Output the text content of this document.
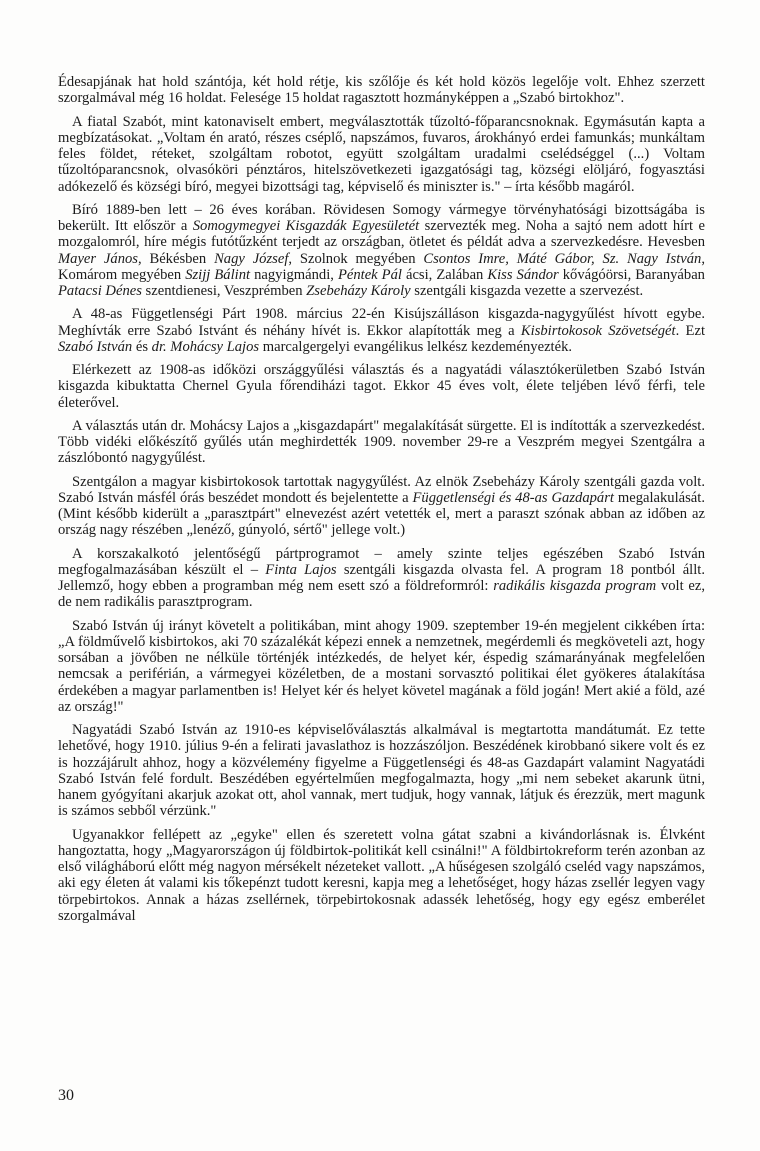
Édesapjának hat hold szántója, két hold rétje, kis szőlője és két hold közös legelője volt. Ehhez szerzett szorgalmával még 16 holdat. Felesége 15 holdat ragasztott hozmányképpen a „Szabó birtokhoz".

A fiatal Szabót, mint katonaviselt embert, megválasztották tűzoltó-főparancsnoknak. Egymásután kapta a megbízatásokat. „Voltam én arató, részes cséplő, napszámos, fuvaros, árokhányó erdei famunkás; munkáltam feles földet, réteket, szolgáltam robotot, együtt szolgáltam uradalmi cselédséggel (...) Voltam tűzoltóparancsnok, olvasóköri pénztáros, hitelszövetkezeti igazgatósági tag, községi elöljáró, fogyasztási adókezelő és községi bíró, megyei bizottsági tag, képviselő és miniszter is." – írta később magáról.

Bíró 1889-ben lett – 26 éves korában. Rövidesen Somogy vármegye törvényhatósági bizottságába is bekerült. Itt először a Somogymegyei Kisgazdák Egyesületét szervezték meg. Noha a sajtó nem adott hírt e mozgalomról, híre mégis futótűzként terjedt az országban, ötletet és példát adva a szervezkedésre. Hevesben Mayer János, Békésben Nagy József, Szolnok megyében Csontos Imre, Máté Gábor, Sz. Nagy István, Komárom megyében Szijj Bálint nagyigmándi, Péntek Pál ácsi, Zalában Kiss Sándor kővágóörsi, Baranyában Patacsi Dénes szentdienesi, Veszprémben Zsebeházy Károly szentgáli kisgazda vezette a szervezést.

A 48-as Függetlenségi Párt 1908. március 22-én Kisújszálláson kisgazda-nagygyűlést hívott egybe. Meghívták erre Szabó Istvánt és néhány hívét is. Ekkor alapították meg a Kisbirtokosok Szövetségét. Ezt Szabó István és dr. Mohácsy Lajos marcalgergelyi evangélikus lelkész kezdeményezték.

Elérkezett az 1908-as időközi országgyűlési választás és a nagyatádi választókerületben Szabó István kisgazda kibuktatta Chernel Gyula főrendiházi tagot. Ekkor 45 éves volt, élete teljében lévő férfi, tele életerővel.

A választás után dr. Mohácsy Lajos a „kisgazdapárt" megalakítását sürgette. El is indították a szervezkedést. Több vidéki előkészítő gyűlés után meghirdették 1909. november 29-re a Veszprém megyei Szentgálra a zászlóbontó nagygyűlést.

Szentgálon a magyar kisbirtokosok tartottak nagygyűlést. Az elnök Zsebeházy Károly szentgáli gazda volt. Szabó István másfél órás beszédet mondott és bejelentette a Függetlenségi és 48-as Gazdapárt megalakulását. (Mint később kiderült a „parasztpárt" elnevezést azért vetették el, mert a paraszt szónak abban az időben az ország nagy részében „lenéző, gúnyoló, sértő" jellege volt.)

A korszakalkotó jelentőségű pártprogramot – amely szinte teljes egészében Szabó István megfogalmazásában készült el – Finta Lajos szentgáli kisgazda olvasta fel. A program 18 pontból állt. Jellemző, hogy ebben a programban még nem esett szó a földreformról: radikális kisgazda program volt ez, de nem radikális parasztprogram.

Szabó István új irányt követelt a politikában, mint ahogy 1909. szeptember 19-én megjelent cikkében írta: „A földművelő kisbirtokos, aki 70 százalékát képezi ennek a nemzetnek, megérdemli és megköveteli azt, hogy sorsában a jövőben ne nélküle történjék intézkedés, de helyet kér, éspedig számarányának megfelelően nemcsak a periférián, a vármegyei közéletben, de a mostani sorvasztó politikai élet gyökeres átalakítása érdekében a magyar parlamentben is! Helyet kér és helyet követel magának a föld jogán! Mert akié a föld, azé az ország!"

Nagyatádi Szabó István az 1910-es képviselőválasztás alkalmával is megtartotta mandátumát. Ez tette lehetővé, hogy 1910. július 9-én a felirati javaslathoz is hozzászóljon. Beszédének kirobbanó sikere volt és ez is hozzájárult ahhoz, hogy a közvélemény figyelme a Függetlenségi és 48-as Gazdapárt valamint Nagyatádi Szabó István felé fordult. Beszédében egyértelműen megfogalmazta, hogy „mi nem sebeket akarunk ütni, hanem gyógyítani akarjuk azokat ott, ahol vannak, mert tudjuk, hogy vannak, látjuk és érezzük, mert magunk is számos sebből vérzünk."

Ugyanakkor fellépett az „egyke" ellen és szeretett volna gátat szabni a kivándorlásnak is. Élvként hangoztatta, hogy „Magyarországon új földbirtok-politikát kell csinálni!" A földbirtokreform terén azonban az első világháború előtt még nagyon mérsékelt nézeteket vallott. „A hűségesen szolgáló cseléd vagy napszámos, aki egy életen át valami kis tőkepénzt tudott keresni, kapja meg a lehetőséget, hogy házas zsellér legyen vagy törpebirtokos. Annak a házas zsellérnek, törpebirtokosnak adassék lehetőség, hogy egy egész emberélet szorgalmával

30
